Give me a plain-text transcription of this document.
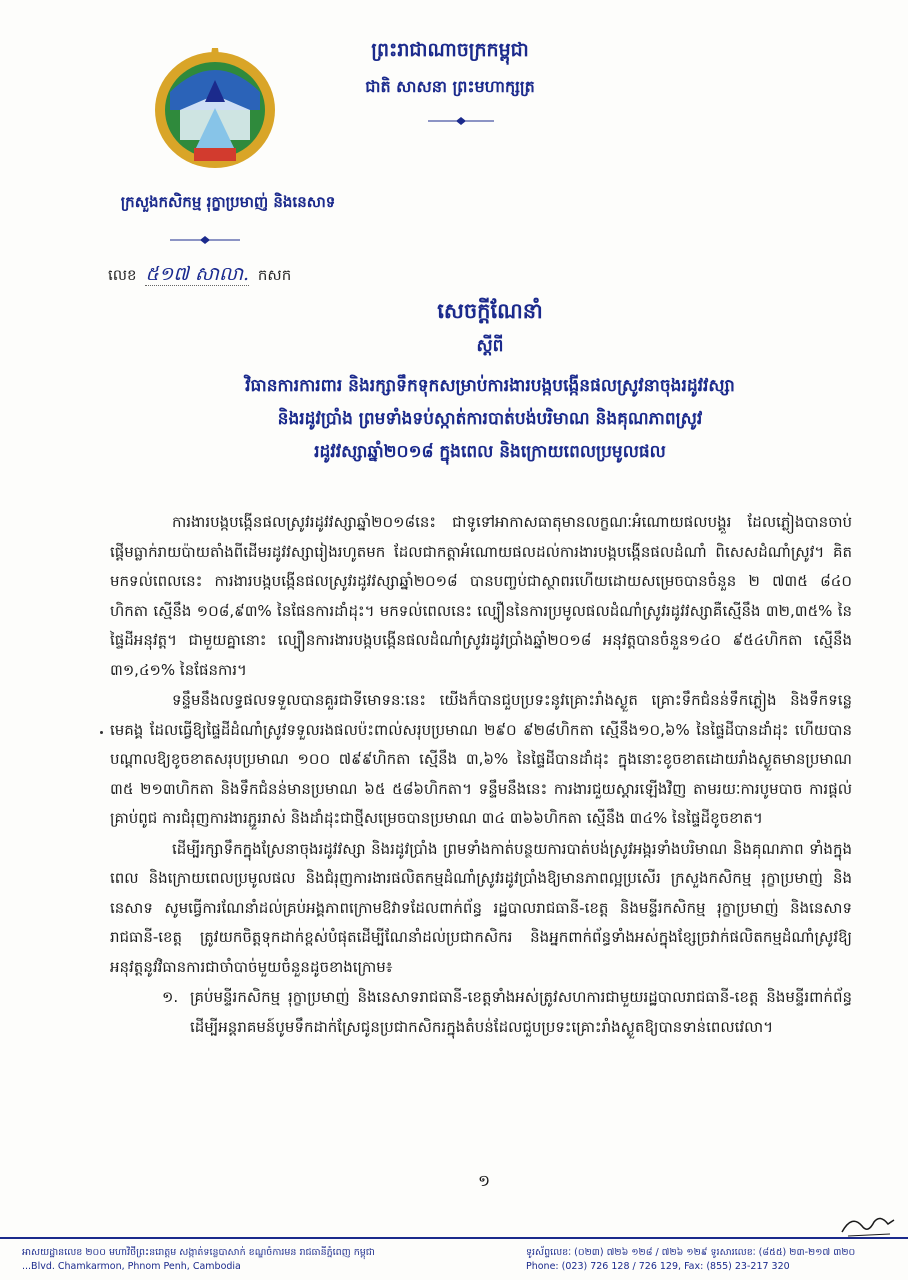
ព្រះរាជាណាចក្រកម្ពុជា
ជាតិ សាសនា ព្រះមហាក្សត្រ
ក្រសួងកសិកម្ម រុក្ខាប្រមាញ់ និងនេសាទ
លេខ ៥១៧ សាលា. កសក
សេចក្តីណែនាំ
ស្តីពី
វិធានការការពារ និងរក្សាទឹកទុកសម្រាប់ការងារបង្កបង្កើនផលស្រូវនាចុងរដូវវស្សា
និងរដូវប្រាំង ព្រមទាំងទប់ស្កាត់ការបាត់បង់បរិមាណ និងគុណភាពស្រូវ
រដូវវស្សាឆ្នាំ២០១៨ ក្នុងពេល និងក្រោយពេលប្រមូលផល

ការងារបង្កបង្កើនផលស្រូវរដូវវស្សាឆ្នាំ២០១៨នេះ ជាទូទៅអាកាសធាតុមានលក្ខណៈអំណោយផលបង្គួរ ដែលភ្លៀងបានចាប់ផ្តើមធ្លាក់រាយប៉ាយតាំងពីដើមរដូវវស្សារៀងរហូតមក ដែលជាកត្តាអំណោយផលដល់ការងារបង្កបង្កើនផលដំណាំ ពិសេសដំណាំស្រូវ។ គិតមកទល់ពេលនេះ ការងារបង្កបង្កើនផលស្រូវរដូវវស្សាឆ្នាំ២០១៨ បានបញ្ចប់ជាស្ថាពរហើយដោយសម្រេចបានចំនួន ២ ៧៣៥ ៨៤០ ហិកតា ស្មើនឹង ១០៨,៩៣% នៃផែនការដាំដុះ។ មកទល់ពេលនេះ ល្បឿននៃការប្រមូលផលដំណាំស្រូវរដូវវស្សាគឺស្មើនឹង ៣២,៣៥% នៃផ្ទៃដីអនុវត្ត។ ជាមួយគ្នានោះ ល្បឿនការងារបង្កបង្កើនផលដំណាំស្រូវរដូវប្រាំងឆ្នាំ២០១៨ អនុវត្តបានចំនួន១៤០ ៩៥៤ហិកតា ស្មើនឹង ៣១,៤១% នៃផែនការ។

ទន្ទឹមនឹងលទ្ធផលទទួលបានគួរជាទីមោទនៈនេះ យើងក៏បានជួបប្រទះនូវគ្រោះរាំងស្ងួត គ្រោះទឹកជំនន់ទឹកភ្លៀង និងទឹកទន្លេមេគង្គ ដែលធ្វើឱ្យផ្ទៃដីដំណាំស្រូវទទួលរងផលប៉ះពាល់សរុបប្រមាណ ២៩០ ៩២៨ហិកតា ស្មើនឹង១០,៦% នៃផ្ទៃដីបានដាំដុះ ហើយបានបណ្តាលឱ្យខូចខាតសរុបប្រមាណ ១០០ ៧៩៩ហិកតា ស្មើនឹង ៣,៦% នៃផ្ទៃដីបានដាំដុះ ក្នុងនោះខូចខាតដោយរាំងស្ងួតមានប្រមាណ ៣៥ ២១៣ហិកតា និងទឹកជំនន់មានប្រមាណ ៦៥ ៥៨៦ហិកតា។ ទន្ទឹមនឹងនេះ ការងារជួយស្តារឡើងវិញ តាមរយៈការបូមបាច ការផ្តល់គ្រាប់ពូជ ការជំរុញការងារភ្ជួររាស់ និងដាំដុះជាថ្មីសម្រេចបានប្រមាណ ៣៤ ៣៦៦ហិកតា ស្មើនឹង ៣៤% នៃផ្ទៃដីខូចខាត។

ដើម្បីរក្សាទឹកក្នុងស្រែនាចុងរដូវវស្សា និងរដូវប្រាំង ព្រមទាំងកាត់បន្ថយការបាត់បង់ស្រូវអង្ករទាំងបរិមាណ និងគុណភាព ទាំងក្នុងពេល និងក្រោយពេលប្រមូលផល និងជំរុញការងារផលិតកម្មដំណាំស្រូវរដូវប្រាំងឱ្យមានភាពល្អប្រសើរ ក្រសួងកសិកម្ម រុក្ខាប្រមាញ់ និងនេសាទ សូមធ្វើការណែនាំដល់គ្រប់អង្គភាពក្រោមឱវាទដែលពាក់ព័ន្ធ រដ្ឋបាលរាជធានី-ខេត្ត និងមន្ទីរកសិកម្ម រុក្ខាប្រមាញ់ និងនេសាទរាជធានី-ខេត្ត ត្រូវយកចិត្តទុកដាក់ខ្ពស់បំផុតដើម្បីណែនាំដល់ប្រជាកសិករ និងអ្នកពាក់ព័ន្ធទាំងអស់ក្នុងខ្សែច្រវាក់ផលិតកម្មដំណាំស្រូវឱ្យអនុវត្តនូវវិធានការជាចាំបាច់មួយចំនួនដូចខាងក្រោម៖

១. គ្រប់មន្ទីរកសិកម្ម រុក្ខាប្រមាញ់ និងនេសាទរាជធានី-ខេត្តទាំងអស់ត្រូវសហការជាមួយរដ្ឋបាលរាជធានី-ខេត្ត និងមន្ទីរពាក់ព័ន្ធ ដើម្បីអន្តរាគមន៍បូមទឹកដាក់ស្រែជូនប្រជាកសិករក្នុងតំបន់ដែលជួបប្រទះគ្រោះរាំងស្ងួតឱ្យបានទាន់ពេលវេលា។

១
អាសយដ្ឋានលេខ ២០០ មហាវិថីព្រះនរោត្តម សង្កាត់ទន្លេបាសាក់ ខណ្ឌចំការមន រាជធានីភ្នំពេញ កម្ពុជា
...Blvd. Chamkarmon, Phnom Penh, Cambodia
ទូរស័ព្ទលេខៈ (០២៣) ៧២៦ ១២៨ / ៧២៦ ១២៩ ទូរសារលេខៈ (៨៥៥) ២៣-២១៧ ៣២០
Phone: (023) 726 128 / 726 129, Fax: (855) 23-217 320
